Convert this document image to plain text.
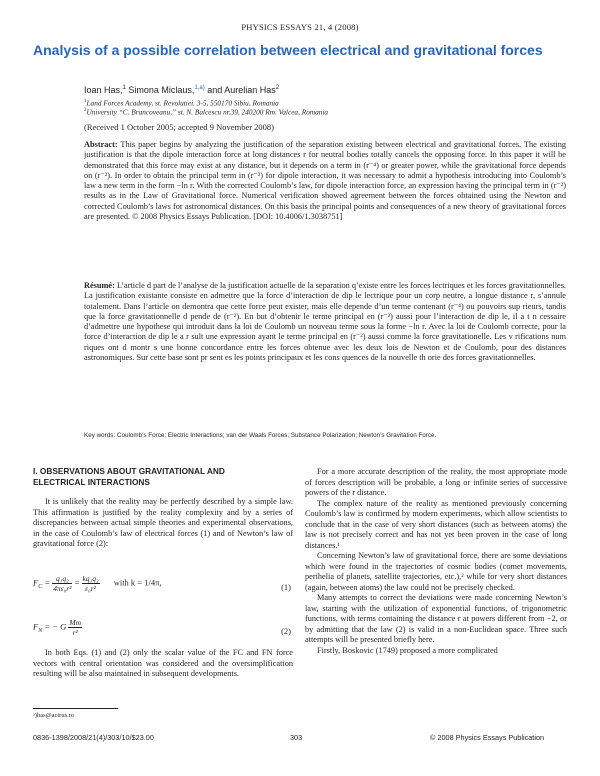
PHYSICS ESSAYS 21, 4 (2008)
Analysis of a possible correlation between electrical and gravitational forces
Ioan Has,$^1$ Simona Miclaus,$^{1,a)}$ and Aurelian Has$^2$
$^1$Land Forces Academy, st. Revolutiei. 3-5, 550170 Sibiu, Romania
$^2$University “C. Brancoveanu,” st. N. Balcescu nr.39, 240200 Rm. Valcea, Romania
(Received 1 October 2005; accepted 9 November 2008)
Abstract: This paper begins by analyzing the justification of the separation existing between electrical and gravitational forces. The existing justification is that the dipole interaction force at long distances r for neutral bodies totally cancels the opposing force. In this paper it will be demonstrated that this force may exist at any distance, but it depends on a term in (r⁻⁴) or greater power, while the gravitational force depends on (r⁻²). In order to obtain the principal term in (r⁻²) for dipole interaction, it was necessary to admit a hypothesis introducing into Coulomb’s law a new term in the form −ln r. With the corrected Coulomb’s law, for dipole interaction force, an expression having the principal term in (r⁻²) results as in the Law of Gravitational force. Numerical verification showed agreement between the forces obtained using the Newton and corrected Coulomb’s laws for astronomical distances. On this basis the principal points and consequences of a new theory of gravitational forces are presented. © 2008 Physics Essays Publication. [DOI: 10.4006/1.3038751]
Résumé: L’article d part de l’analyse de la justification actuelle de la separation q’existe entre les forces lectriques et les forces gravitationnelles. La justification existante consiste en admettre que la force d’interaction de dip le lectrique pour un corp neutre, a longue distance r, s’annule totalement. Dans l’article on demontra que cette force peut exister, mais elle depende d’un terme contenant (r⁻⁴) ou pouvoirs sup rieurs, tandis que la force gravitationnelle d pende de (r⁻²). En but d’obtenir le terme principal en (r⁻²) aussi pour l’interaction de dip le, il a t n cessaire d’admettre une hypothese qui introduit dans la loi de Coulomb un nouveau terme sous la forme −ln r. Avec la loi de Coulomb correcte, pour la force d’interaction de dip le a r sult une expression ayant le terme principal en (r⁻²) aussi comme la force gravitationelle. Les v rifications num riques ont d montr s une bonne concordance entre les forces obtenue avec les deux lois de Newton et de Coulomb, pour des distances astronomiques. Sur cette base sont pr sent es les points principaux et les cons quences de la nouvelle th orie des forces gravitationnelles.
Key words: Coulomb’s Force; Electric Interactions; van der Waals Forces; Substance Polarization; Newton’s Gravitation Force.
I. OBSERVATIONS ABOUT GRAVITATIONAL AND ELECTRICAL INTERACTIONS

It is unlikely that the reality may be perfectly described by a simple law. This affirmation is justified by the reality complexity and by a series of discrepancies between actual simple theories and experimental observations, in the case of Coulomb’s law of electrical forces (1) and of Newton’s law of gravitational force (2):

$F_C = \frac{\text{q₁q₂}}{\text{4πε₀r²}} = \frac{\text{kq₁q₂}}{\text{ε₀r²}}$ with k = 1/4π,	(1)
$F_N$ = − G $\frac{Mm}{\text{r²}}$	(2)

In both Eqs. (1) and (2) only the scalar value of the FC and FN force vectors with central orientation was considered and the oversimplification resulting will be also maintained in subsequent developments.

For a more accurate description of the reality, the most appropriate mode of forces description will be probable, a long or infinite series of successive powers of the r distance.

The complex nature of the reality as mentioned previously concerning Coulomb’s law is confirmed by modern experiments, which allow scientists to conclude that in the case of very short distances (such as between atoms) the law is not precisely correct and has not yet been proven in the case of long distances.¹

Concerning Newton’s law of gravitational force, there are some deviations which were found in the trajectories of cosmic bodies (comet movements, perihelia of planets, satellite trajectories, etc.),² while for very short distances (again, between atoms) the law could not be precisely checked.

Many attempts to correct the deviations were made concerning Newton’s law, starting with the utilization of exponential functions, of trigonometric functions, with terms containing the distance r at powers different from −2, or by admitting that the law (2) is valid in a non-Euclidean space. Three such attempts will be presented briefly here.

Firstly, Boskovic (1749) proposed a more complicated

ᵃ)has@actrus.ro
0836-1398/2008/21(4)/303/10/$23.00	303	© 2008 Physics Essays Publication
